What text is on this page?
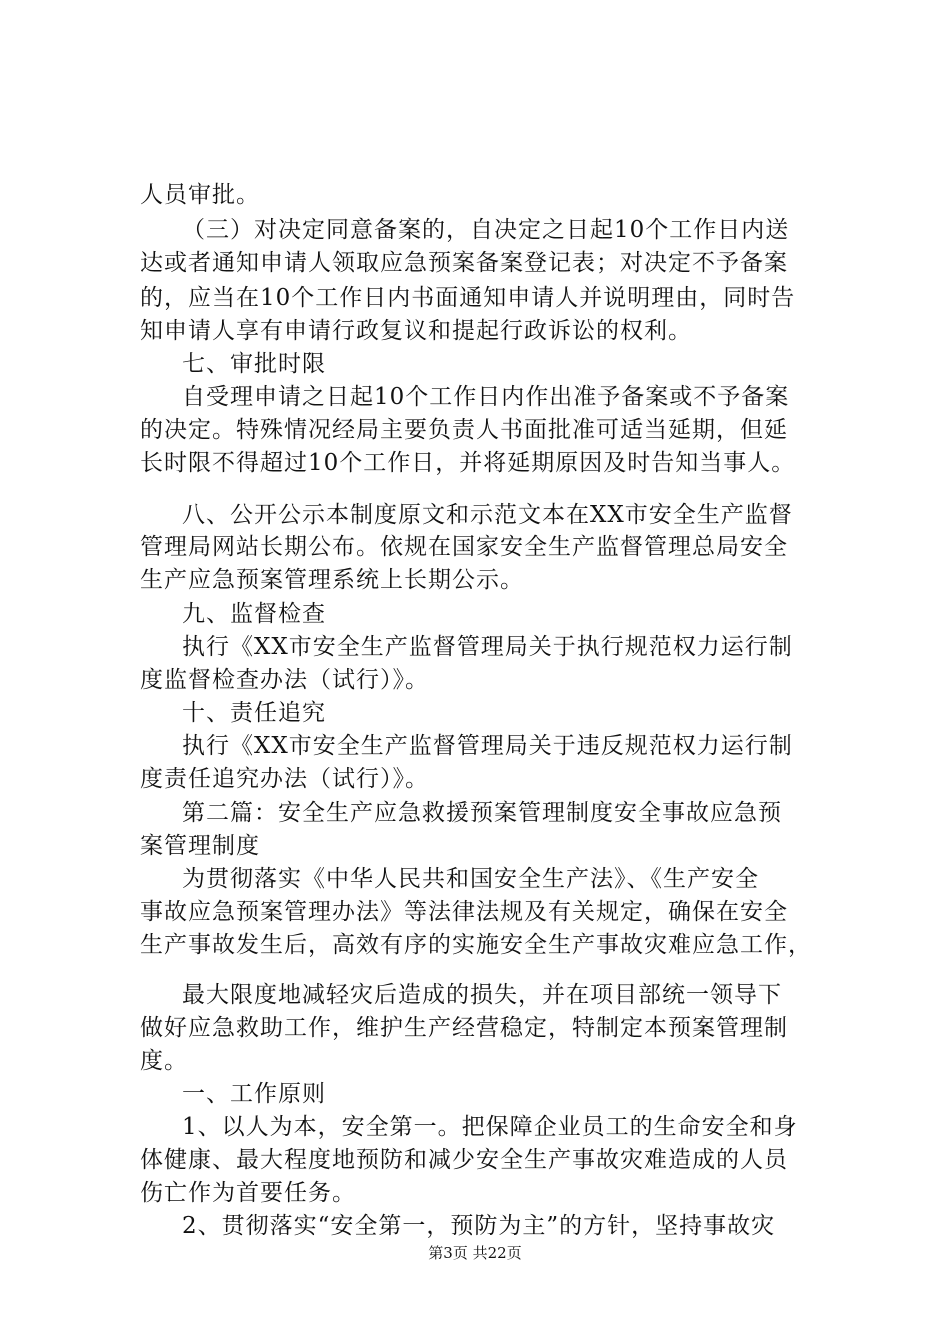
人员审批。
（三）对决定同意备案的，自决定之日起10个工作日内送
达或者通知申请人领取应急预案备案登记表；对决定不予备案
的，应当在10个工作日内书面通知申请人并说明理由，同时告
知申请人享有申请行政复议和提起行政诉讼的权利。
七、审批时限
自受理申请之日起10个工作日内作出准予备案或不予备案
的决定。特殊情况经局主要负责人书面批准可适当延期，但延
长时限不得超过10个工作日，并将延期原因及时告知当事人。
八、公开公示本制度原文和示范文本在XX市安全生产监督
管理局网站长期公布。依规在国家安全生产监督管理总局安全
生产应急预案管理系统上长期公示。
九、监督检查
执行《XX市安全生产监督管理局关于执行规范权力运行制
度监督检查办法（试行）》。
十、责任追究
执行《XX市安全生产监督管理局关于违反规范权力运行制
度责任追究办法（试行）》。
第二篇：安全生产应急救援预案管理制度安全事故应急预
案管理制度
为贯彻落实《中华人民共和国安全生产法》、《生产安全
事故应急预案管理办法》等法律法规及有关规定，确保在安全
生产事故发生后，高效有序的实施安全生产事故灾难应急工作，
最大限度地减轻灾后造成的损失，并在项目部统一领导下
做好应急救助工作，维护生产经营稳定，特制定本预案管理制
度。
一、工作原则
1、以人为本，安全第一。把保障企业员工的生命安全和身
体健康、最大程度地预防和减少安全生产事故灾难造成的人员
伤亡作为首要任务。
2、贯彻落实“安全第一，预防为主”的方针，坚持事故灾
第3页 共22页
